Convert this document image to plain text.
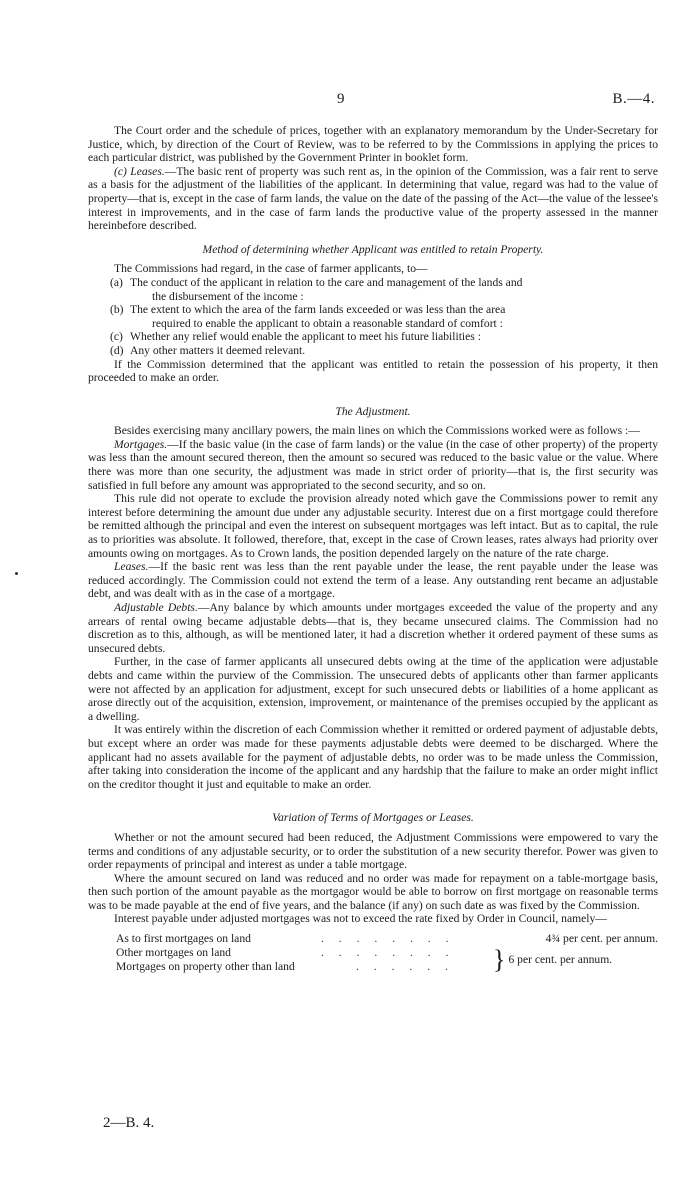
9	B.—4.

The Court order and the schedule of prices, together with an explanatory memorandum by the Under-Secretary for Justice, which, by direction of the Court of Review, was to be referred to by the Commissions in applying the prices to each particular district, was published by the Government Printer in booklet form.

(c) Leases.—The basic rent of property was such rent as, in the opinion of the Commission, was a fair rent to serve as a basis for the adjustment of the liabilities of the applicant. In determining that value, regard was had to the value of property—that is, except in the case of farm lands, the value on the date of the passing of the Act—the value of the lessee's interest in improvements, and in the case of farm lands the productive value of the property assessed in the manner hereinbefore described.

Method of determining whether Applicant was entitled to retain Property.

The Commissions had regard, in the case of farmer applicants, to—

(a) The conduct of the applicant in relation to the care and management of the lands and
the disbursement of the income :
(b) The extent to which the area of the farm lands exceeded or was less than the area
required to enable the applicant to obtain a reasonable standard of comfort :
(c) Whether any relief would enable the applicant to meet his future liabilities :
(d) Any other matters it deemed relevant.

If the Commission determined that the applicant was entitled to retain the possession of his property, it then proceeded to make an order.

The Adjustment.

Besides exercising many ancillary powers, the main lines on which the Commissions worked were as follows :—

Mortgages.—If the basic value (in the case of farm lands) or the value (in the case of other property) of the property was less than the amount secured thereon, then the amount so secured was reduced to the basic value or the value. Where there was more than one security, the adjustment was made in strict order of priority—that is, the first security was satisfied in full before any amount was appropriated to the second security, and so on.

This rule did not operate to exclude the provision already noted which gave the Commissions power to remit any interest before determining the amount due under any adjustable security. Interest due on a first mortgage could therefore be remitted although the principal and even the interest on subsequent mortgages was left intact. But as to capital, the rule as to priorities was absolute. It followed, therefore, that, except in the case of Crown leases, rates always had priority over amounts owing on mortgages. As to Crown lands, the position depended largely on the nature of the rate charge.

Leases.—If the basic rent was less than the rent payable under the lease, the rent payable under the lease was reduced accordingly. The Commission could not extend the term of a lease. Any outstanding rent became an adjustable debt, and was dealt with as in the case of a mortgage.

Adjustable Debts.—Any balance by which amounts under mortgages exceeded the value of the property and any arrears of rental owing became adjustable debts—that is, they became unsecured claims. The Commission had no discretion as to this, although, as will be mentioned later, it had a discretion whether it ordered payment of these sums as unsecured debts.

Further, in the case of farmer applicants all unsecured debts owing at the time of the application were adjustable debts and came within the purview of the Commission. The unsecured debts of applicants other than farmer applicants were not affected by an application for adjustment, except for such unsecured debts or liabilities of a home applicant as arose directly out of the acquisition, extension, improvement, or maintenance of the premises occupied by the applicant as a dwelling.

It was entirely within the discretion of each Commission whether it remitted or ordered payment of adjustable debts, but except where an order was made for these payments adjustable debts were deemed to be discharged. Where the applicant had no assets available for the payment of adjustable debts, no order was to be made unless the Commission, after taking into consideration the income of the applicant and any hardship that the failure to make an order might inflict on the creditor thought it just and equitable to make an order.

Variation of Terms of Mortgages or Leases.

Whether or not the amount secured had been reduced, the Adjustment Commissions were empowered to vary the terms and conditions of any adjustable security, or to order the substitution of a new security therefor. Power was given to order repayments of principal and interest as under a table mortgage.

Where the amount secured on land was reduced and no order was made for repayment on a table-mortgage basis, then such portion of the amount payable as the mortgagor would be able to borrow on first mortgage on reasonable terms was to be made payable at the end of five years, and the balance (if any) on such date as was fixed by the Commission.

Interest payable under adjusted mortgages was not to exceed the rate fixed by Order in Council, namely—

As to first mortgages on land	. . . . . . . .	4¾ per cent. per annum.
Other mortgages on land	. . . . . . . .
Mortgages on property other than land	. . . . . .	} 6 per cent. per annum.
2—B. 4.
